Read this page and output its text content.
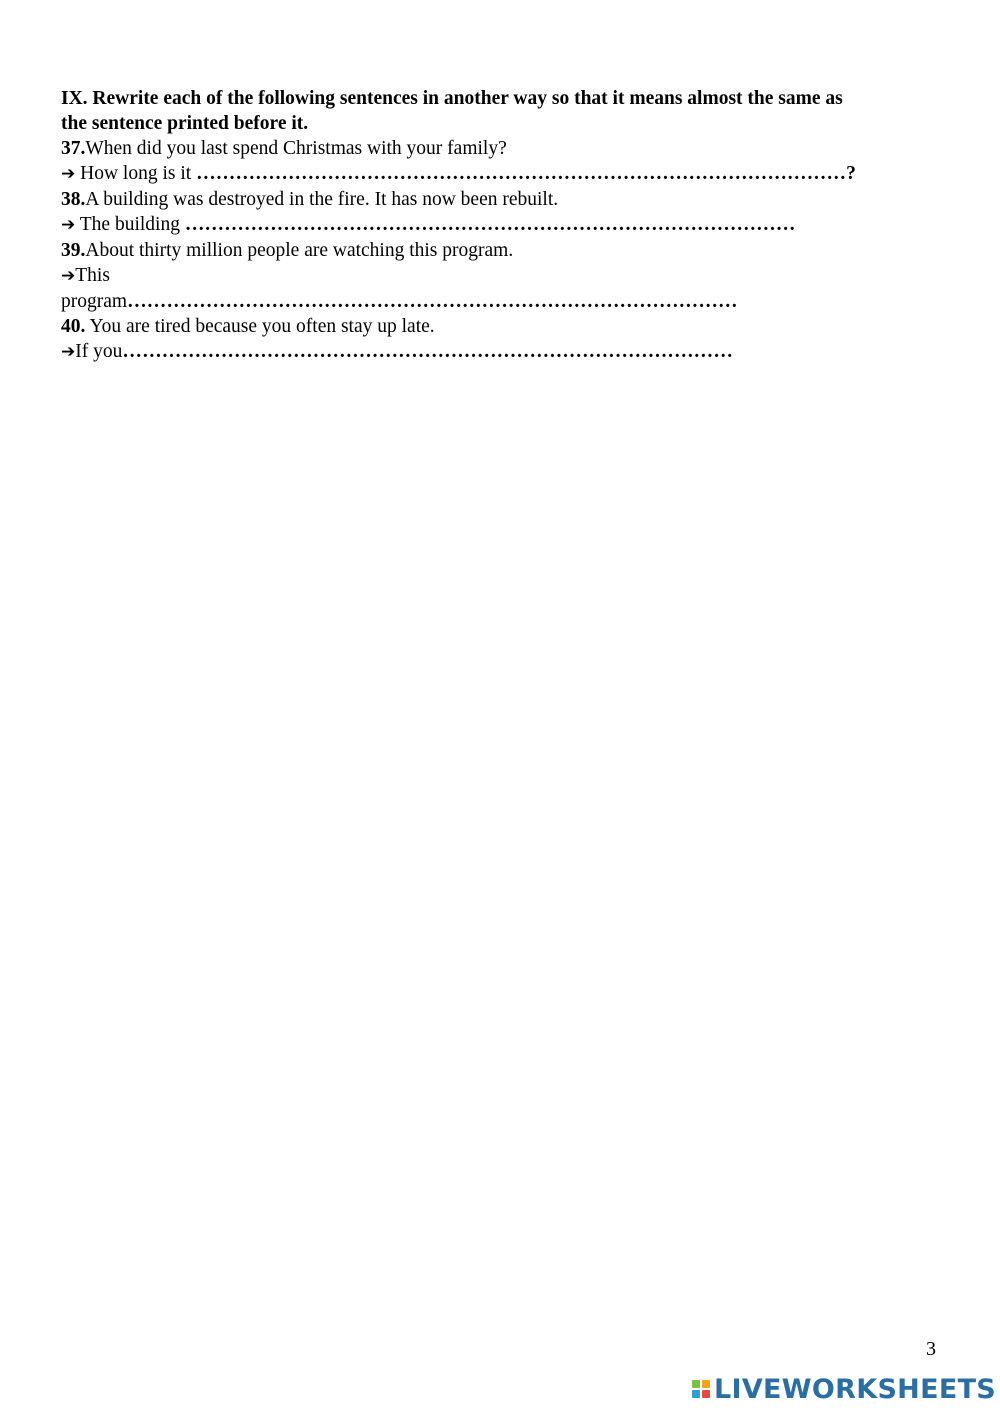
IX. Rewrite each of the following sentences in another way so that it means almost the same as
the sentence printed before it.

37.When did you last spend Christmas with your family?
➔ How long is it ………………………………………………………………………………………?
38.A building was destroyed in the fire. It has now been rebuilt.
➔ The building …………………………………………………………………………………
39.About thirty million people are watching this program.
➔This
program…………………………………………………………………………………
40. You are tired because you often stay up late.
➔If you…………………………………………………………………………………
3
LIVEWORKSHEETS
